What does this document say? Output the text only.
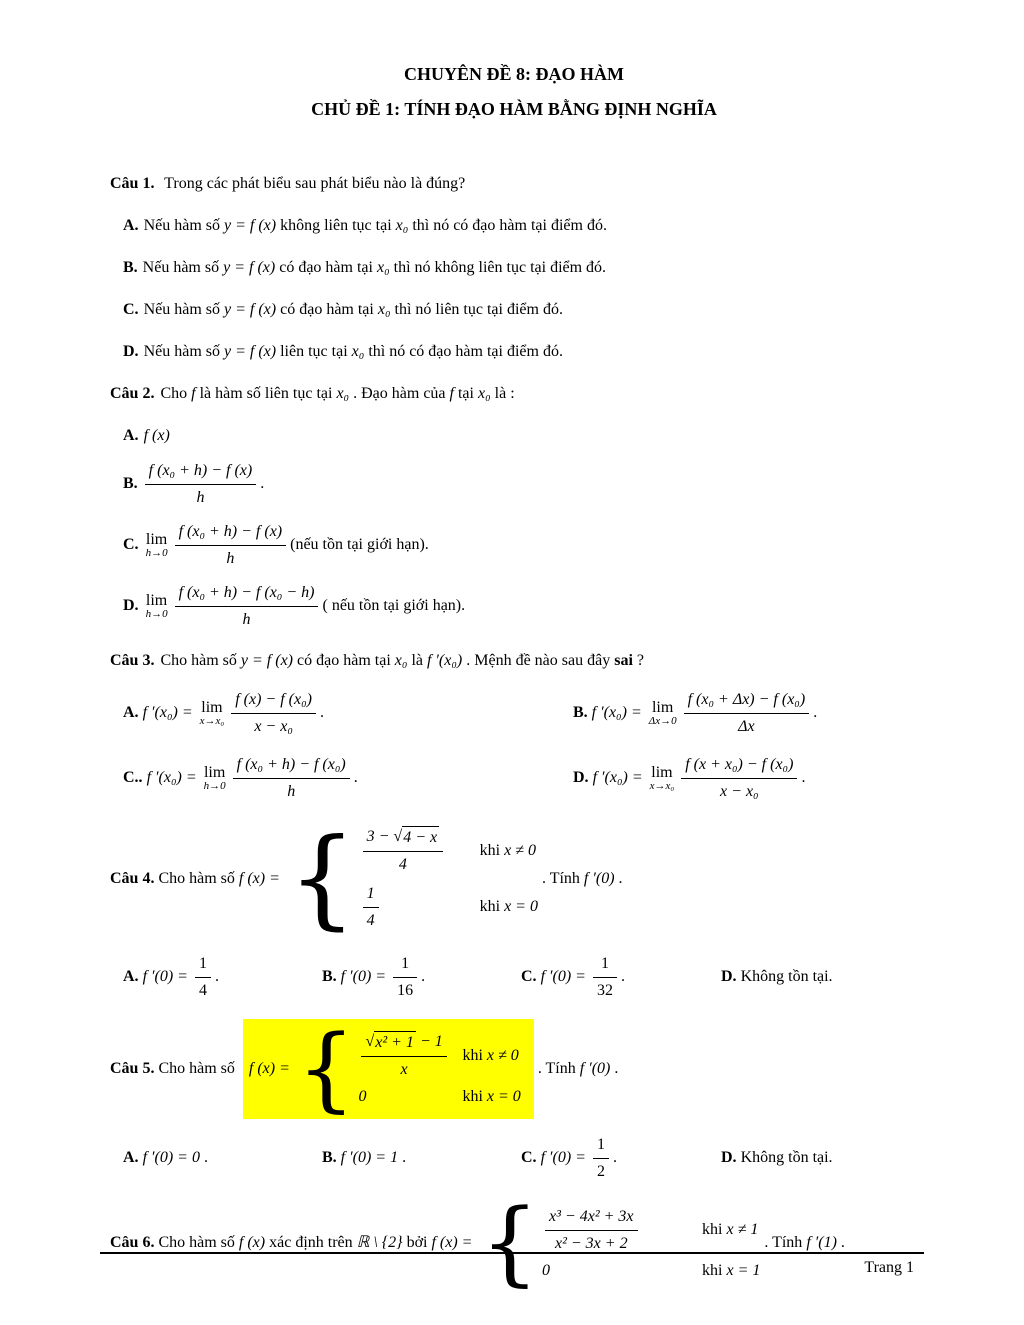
CHUYÊN ĐỀ 8: ĐẠO HÀM
CHỦ ĐỀ 1: TÍNH ĐẠO HÀM BẰNG ĐỊNH NGHĨA
Câu 1. Trong các phát biểu sau phát biểu nào là đúng?
A. Nếu hàm số y = f (x) không liên tục tại x₀ thì nó có đạo hàm tại điểm đó.
B. Nếu hàm số y = f (x) có đạo hàm tại x₀ thì nó không liên tục tại điểm đó.
C. Nếu hàm số y = f (x) có đạo hàm tại x₀ thì nó liên tục tại điểm đó.
D. Nếu hàm số y = f (x) liên tục tại x₀ thì nó có đạo hàm tại điểm đó.
Câu 2. Cho f là hàm số liên tục tại x₀ . Đạo hàm của f tại x₀ là :
A. f (x)
B. $\frac{\text{f (x₀ + h) − f (x)}}{h}$ .
C. lim
$h\to 0 \frac{\text{f (x₀ + h) − f (x)}}{h}$ (nếu tồn tại giới hạn).
D. lim
$h\to 0 \frac{\text{f (x₀ + h) − f (x₀ − h)}}{h}$ ( nếu tồn tại giới hạn).
Câu 3. Cho hàm số y = f (x) có đạo hàm tại x₀ là f ′(x₀) . Mệnh đề nào sau đây sai ?
A. f ′(x₀) = lim
$x\to x_0 \frac{\text{f (x) − f (x₀)}}{\text{x − x₀}}$ .	B. f ′(x₀) = lim
$\Delta x\to 0 \frac{\text{f (x₀ + Δx) − f (x₀)}}{\Delta x}$ .
C.. f ′(x₀) = lim
$h\to 0 \frac{\text{f (x₀ + h) − f (x₀)}}{h}$ .	D. f ′(x₀) = lim
$x\to x_0 \frac{\text{f (x + x₀) − f (x₀)}}{\text{x − x₀}}$ .
Câu 4. Cho hàm số f (x) =
{ $\frac{3 - √ 4 - x}{4}$ khi x ≠ 0
$\frac{1}{4}$	khi x = 0
. Tính f ′(0) .
A. f $'(0) = \frac{1}{4}$ .	B. f $'(0) = \frac{1}{16}$ .	C. f $'(0) = \frac{1}{32}$ .	D. Không tồn tại.
Câu 5. Cho hàm số f (x) =	√ { $\frac{\text{x² + 1 − 1}}{x}$ khi x ≠ 0
0	khi x = 0
. Tính f ′(0) .
A. f ′(0) = 0 .	B. f ′(0) = 1 .	C. f $'(0) = \frac{1}{2}$ .	D. Không tồn tại.
Câu 6. Cho hàm số f (x) xác định trên ℝ \ {2} bởi f (x) =	{ $\frac{\text{x³ − 4x² + 3x}}{\text{x² − 3x + 2}}$	khi x ≠ 1
0	khi x = 1
. Tính f ′(1) .
Trang 1
